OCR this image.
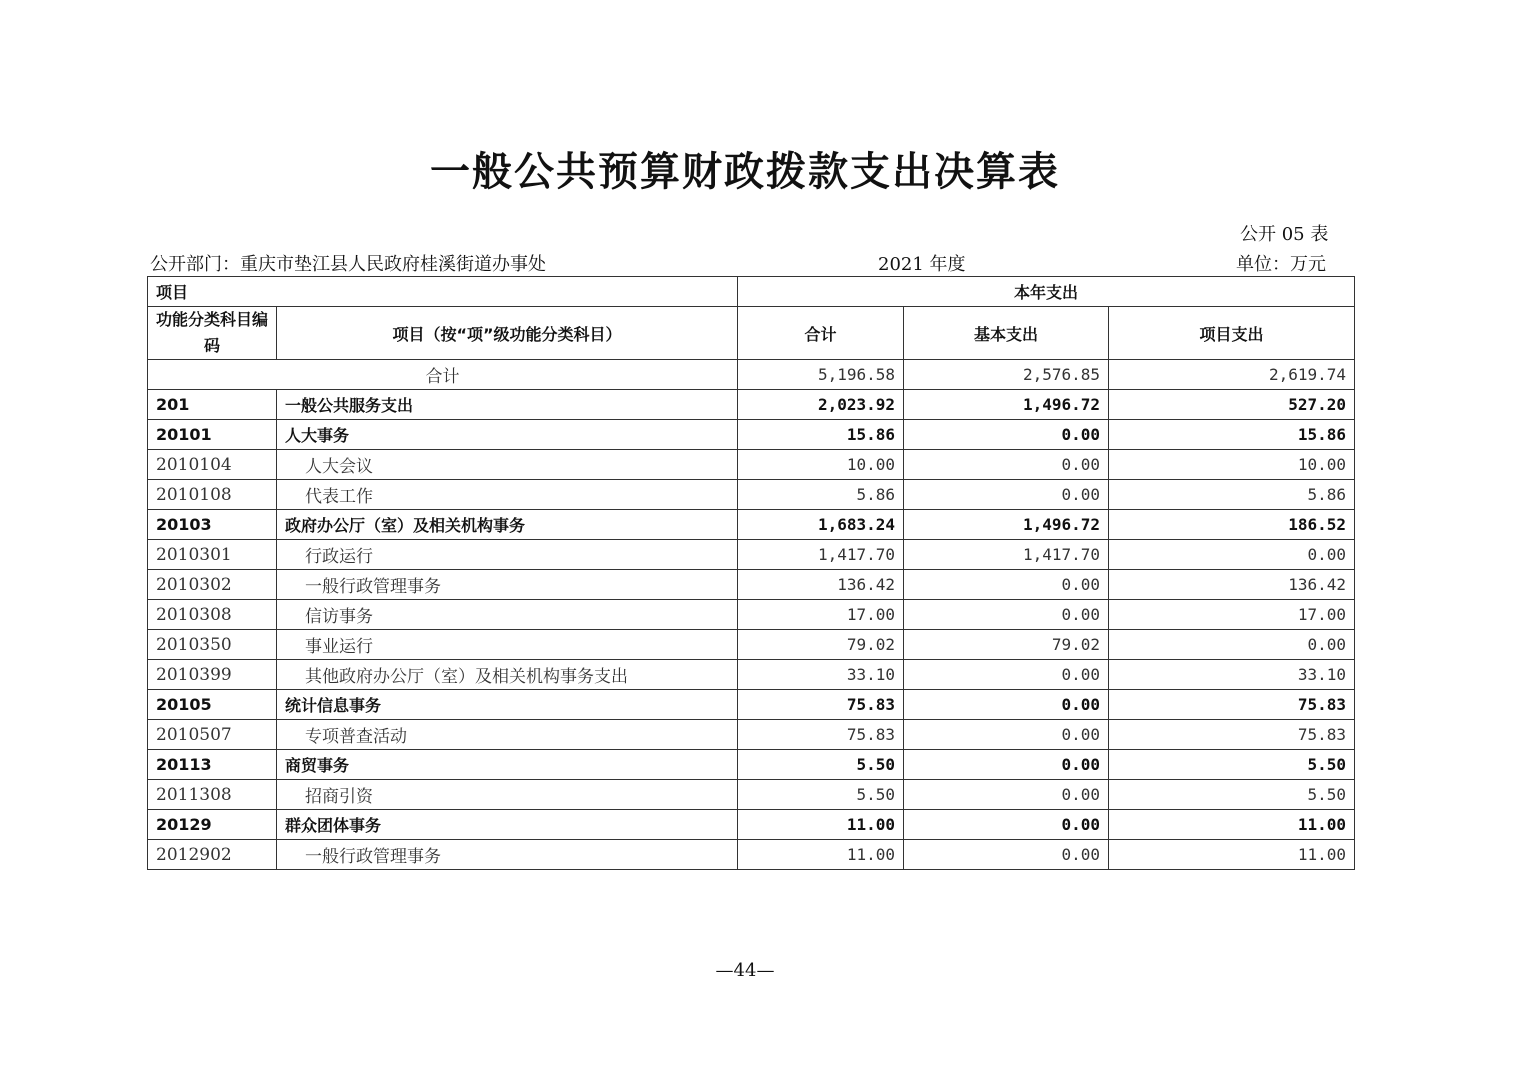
一般公共预算财政拨款支出决算表
公开 05 表
公开部门：重庆市垫江县人民政府桂溪街道办事处	2021 年度	单位：万元
项目		本年支出		
功能分类科目编码	项目（按“项”级功能分类科目）	合计	基本支出	项目支出
合计		5,196.58	2,576.85	2,619.74
201	一般公共服务支出	2,023.92	1,496.72	527.20
20101	人大事务	15.86	0.00	15.86
2010104	人大会议	10.00	0.00	10.00
2010108	代表工作	5.86	0.00	5.86
20103	政府办公厅（室）及相关机构事务	1,683.24	1,496.72	186.52
2010301	行政运行	1,417.70	1,417.70	0.00
2010302	一般行政管理事务	136.42	0.00	136.42
2010308	信访事务	17.00	0.00	17.00
2010350	事业运行	79.02	79.02	0.00
2010399	其他政府办公厅（室）及相关机构事务支出	33.10	0.00	33.10
20105	统计信息事务	75.83	0.00	75.83
2010507	专项普查活动	75.83	0.00	75.83
20113	商贸事务	5.50	0.00	5.50
2011308	招商引资	5.50	0.00	5.50
20129	群众团体事务	11.00	0.00	11.00
2012902	一般行政管理事务	11.00	0.00	11.00
—44—
